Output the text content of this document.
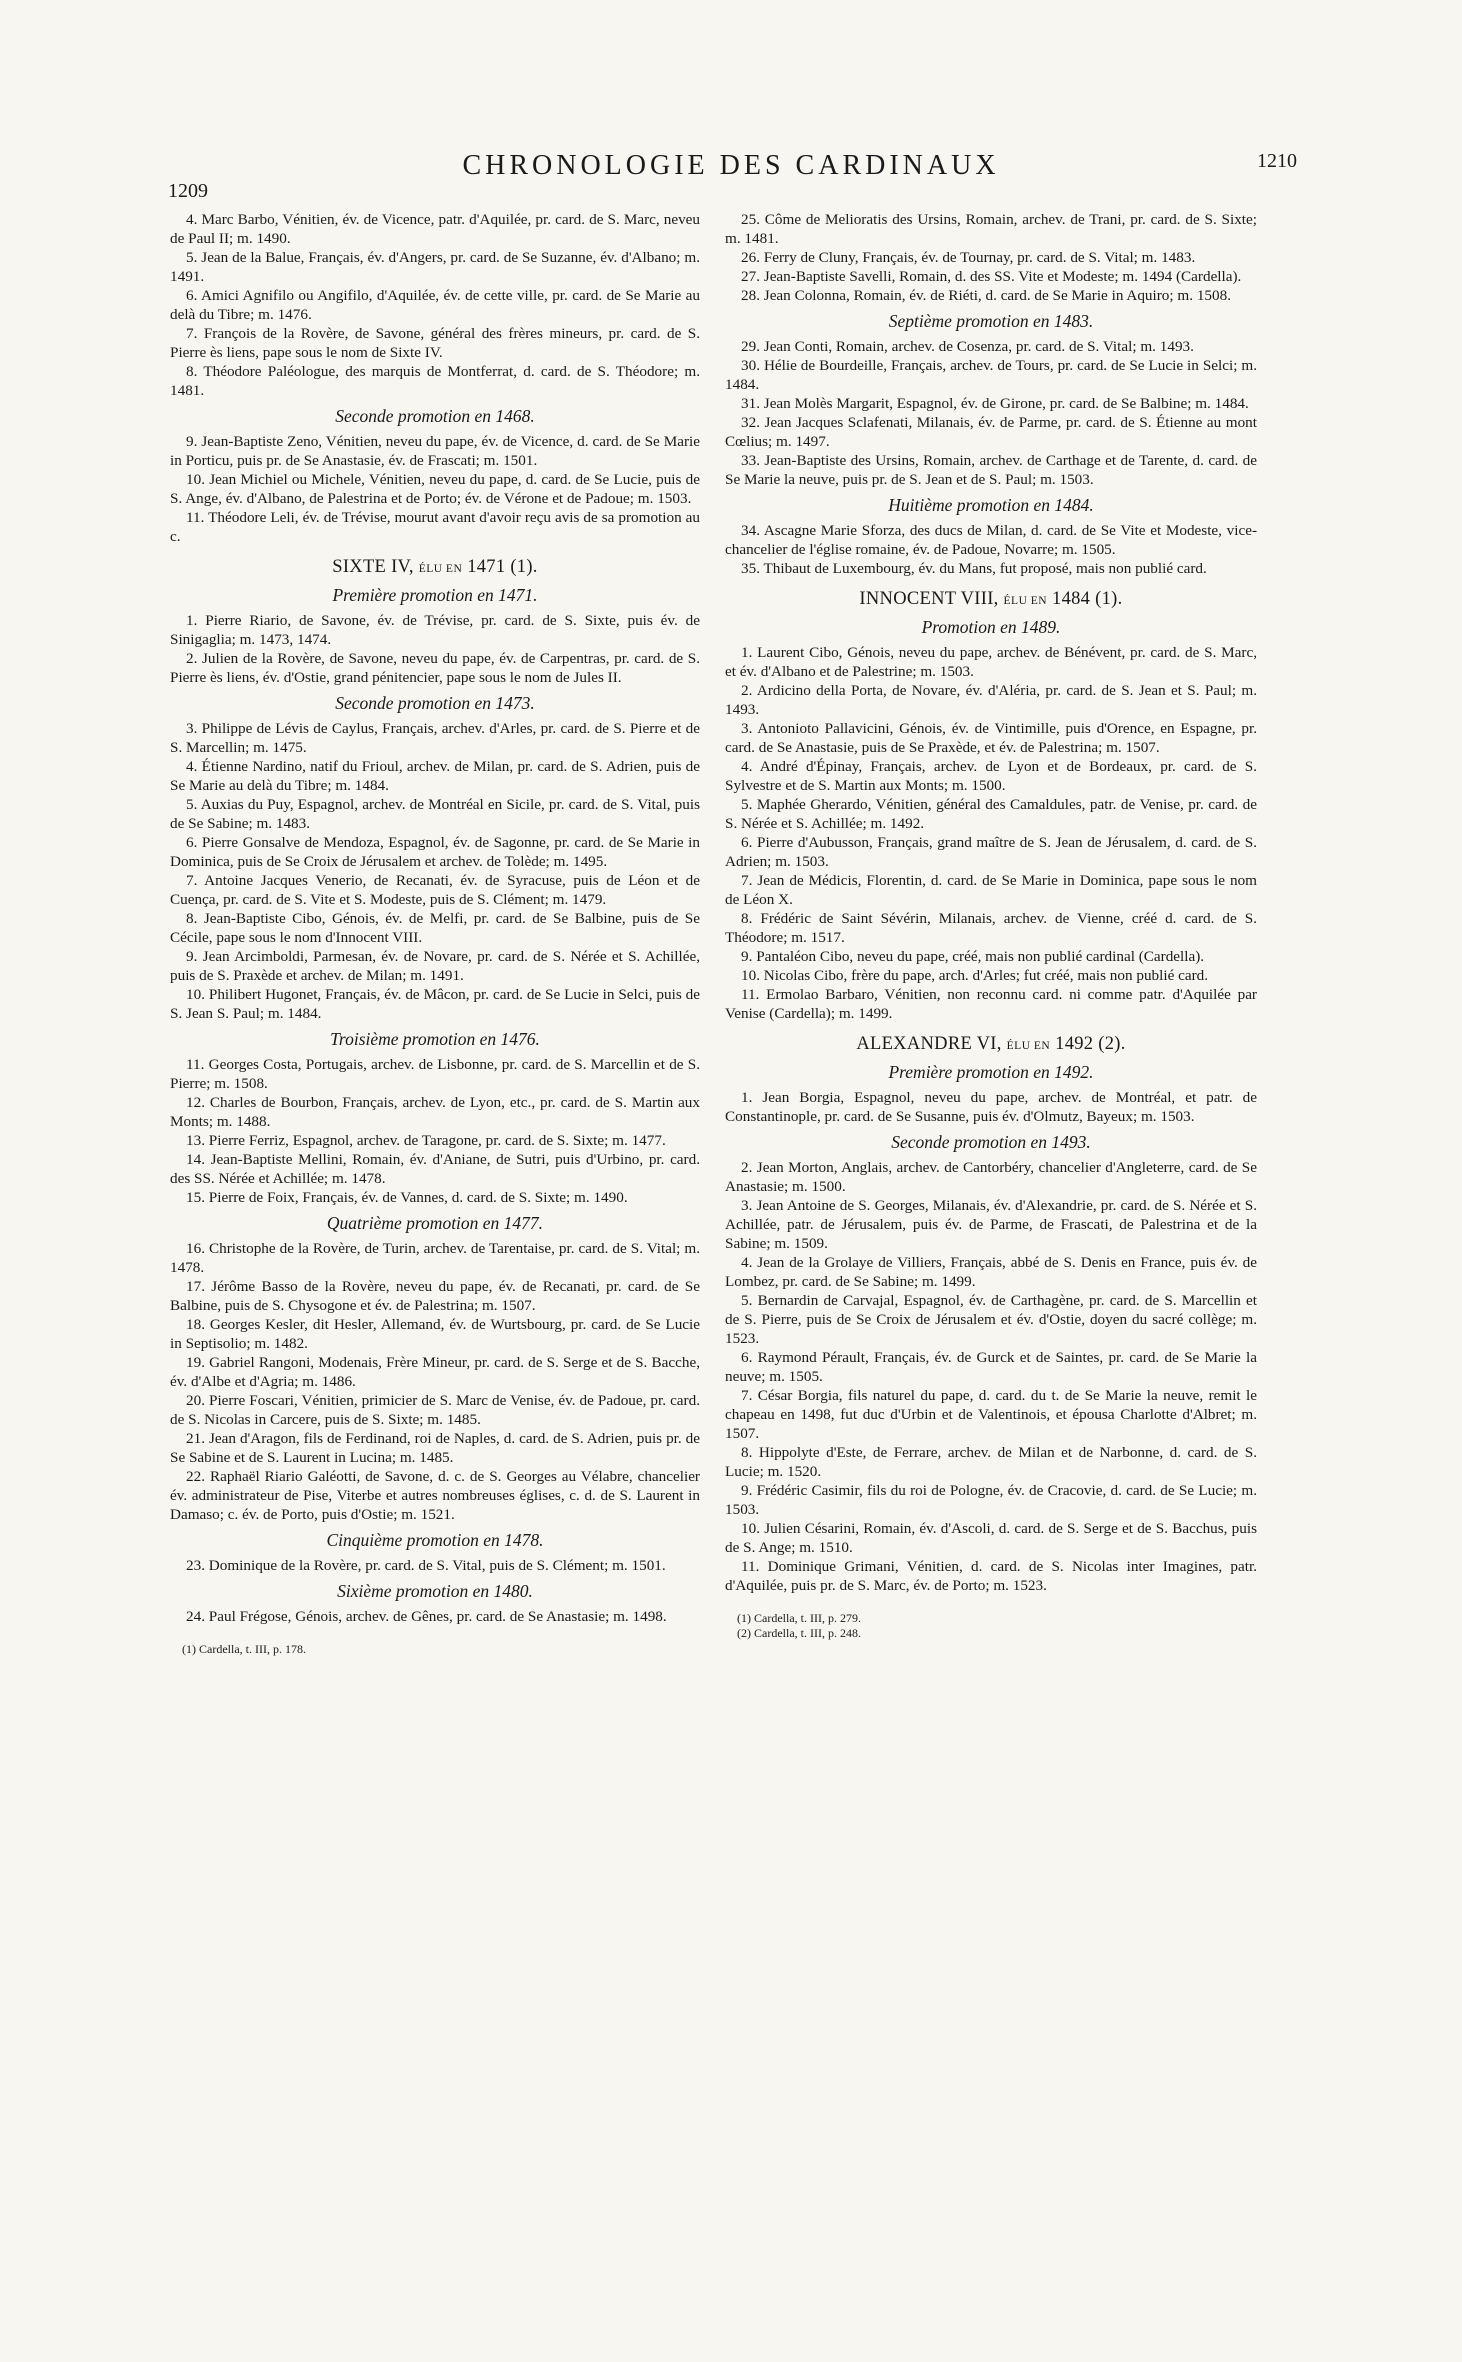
1209
CHRONOLOGIE DES CARDINAUX	1210

4. Marc Barbo, Vénitien, év. de Vicence, patr. d'Aquilée, pr. card. de S. Marc, neveu de Paul II; m. 1490.

5. Jean de la Balue, Français, év. d'Angers, pr. card. de Se Suzanne, év. d'Albano; m. 1491.

6. Amici Agnifilo ou Angifilo, d'Aquilée, év. de cette ville, pr. card. de Se Marie au delà du Tibre; m. 1476.

7. François de la Rovère, de Savone, général des frères mineurs, pr. card. de S. Pierre ès liens, pape sous le nom de Sixte IV.

8. Théodore Paléologue, des marquis de Montferrat, d. card. de S. Théodore; m. 1481.

Seconde promotion en 1468.

9. Jean-Baptiste Zeno, Vénitien, neveu du pape, év. de Vicence, d. card. de Se Marie in Porticu, puis pr. de Se Anastasie, év. de Frascati; m. 1501.

10. Jean Michiel ou Michele, Vénitien, neveu du pape, d. card. de Se Lucie, puis de S. Ange, év. d'Albano, de Palestrina et de Porto; év. de Vérone et de Padoue; m. 1503.

11. Théodore Leli, év. de Trévise, mourut avant d'avoir reçu avis de sa promotion au c.

SIXTE IV, ÉLU EN 1471 (1).
Première promotion en 1471.

1. Pierre Riario, de Savone, év. de Trévise, pr. card. de S. Sixte, puis év. de Sinigaglia; m. 1473, 1474.

2. Julien de la Rovère, de Savone, neveu du pape, év. de Carpentras, pr. card. de S. Pierre ès liens, év. d'Ostie, grand pénitencier, pape sous le nom de Jules II.

Seconde promotion en 1473.

3. Philippe de Lévis de Caylus, Français, archev. d'Arles, pr. card. de S. Pierre et de S. Marcellin; m. 1475.

4. Étienne Nardino, natif du Frioul, archev. de Milan, pr. card. de S. Adrien, puis de Se Marie au delà du Tibre; m. 1484.

5. Auxias du Puy, Espagnol, archev. de Montréal en Sicile, pr. card. de S. Vital, puis de Se Sabine; m. 1483.

6. Pierre Gonsalve de Mendoza, Espagnol, év. de Sagonne, pr. card. de Se Marie in Dominica, puis de Se Croix de Jérusalem et archev. de Tolède; m. 1495.

7. Antoine Jacques Venerio, de Recanati, év. de Syracuse, puis de Léon et de Cuença, pr. card. de S. Vite et S. Modeste, puis de S. Clément; m. 1479.

8. Jean-Baptiste Cibo, Génois, év. de Melfi, pr. card. de Se Balbine, puis de Se Cécile, pape sous le nom d'Innocent VIII.

9. Jean Arcimboldi, Parmesan, év. de Novare, pr. card. de S. Nérée et S. Achillée, puis de S. Praxède et archev. de Milan; m. 1491.

10. Philibert Hugonet, Français, év. de Mâcon, pr. card. de Se Lucie in Selci, puis de S. Jean S. Paul; m. 1484.

Troisième promotion en 1476.

11. Georges Costa, Portugais, archev. de Lisbonne, pr. card. de S. Marcellin et de S. Pierre; m. 1508.

12. Charles de Bourbon, Français, archev. de Lyon, etc., pr. card. de S. Martin aux Monts; m. 1488.

13. Pierre Ferriz, Espagnol, archev. de Taragone, pr. card. de S. Sixte; m. 1477.

14. Jean-Baptiste Mellini, Romain, év. d'Aniane, de Sutri, puis d'Urbino, pr. card. des SS. Nérée et Achillée; m. 1478.

15. Pierre de Foix, Français, év. de Vannes, d. card. de S. Sixte; m. 1490.

Quatrième promotion en 1477.

16. Christophe de la Rovère, de Turin, archev. de Tarentaise, pr. card. de S. Vital; m. 1478.

17. Jérôme Basso de la Rovère, neveu du pape, év. de Recanati, pr. card. de Se Balbine, puis de S. Chysogone et év. de Palestrina; m. 1507.

18. Georges Kesler, dit Hesler, Allemand, év. de Wurtsbourg, pr. card. de Se Lucie in Septisolio; m. 1482.

19. Gabriel Rangoni, Modenais, Frère Mineur, pr. card. de S. Serge et de S. Bacche, év. d'Albe et d'Agria; m. 1486.

20. Pierre Foscari, Vénitien, primicier de S. Marc de Venise, év. de Padoue, pr. card. de S. Nicolas in Carcere, puis de S. Sixte; m. 1485.

21. Jean d'Aragon, fils de Ferdinand, roi de Naples, d. card. de S. Adrien, puis pr. de Se Sabine et de S. Laurent in Lucina; m. 1485.

22. Raphaël Riario Galéotti, de Savone, d. c. de S. Georges au Vélabre, chancelier év. administrateur de Pise, Viterbe et autres nombreuses églises, c. d. de S. Laurent in Damaso; c. év. de Porto, puis d'Ostie; m. 1521.

Cinquième promotion en 1478.

23. Dominique de la Rovère, pr. card. de S. Vital, puis de S. Clément; m. 1501.

Sixième promotion en 1480.

24. Paul Frégose, Génois, archev. de Gênes, pr. card. de Se Anastasie; m. 1498.

(1) Cardella, t. III, p. 178.

25. Côme de Melioratis des Ursins, Romain, archev. de Trani, pr. card. de S. Sixte; m. 1481.

26. Ferry de Cluny, Français, év. de Tournay, pr. card. de S. Vital; m. 1483.

27. Jean-Baptiste Savelli, Romain, d. des SS. Vite et Modeste; m. 1494 (Cardella).

28. Jean Colonna, Romain, év. de Riéti, d. card. de Se Marie in Aquiro; m. 1508.

Septième promotion en 1483.

29. Jean Conti, Romain, archev. de Cosenza, pr. card. de S. Vital; m. 1493.

30. Hélie de Bourdeille, Français, archev. de Tours, pr. card. de Se Lucie in Selci; m. 1484.

31. Jean Molès Margarit, Espagnol, év. de Girone, pr. card. de Se Balbine; m. 1484.

32. Jean Jacques Sclafenati, Milanais, év. de Parme, pr. card. de S. Étienne au mont Cœlius; m. 1497.

33. Jean-Baptiste des Ursins, Romain, archev. de Carthage et de Tarente, d. card. de Se Marie la neuve, puis pr. de S. Jean et de S. Paul; m. 1503.

Huitième promotion en 1484.

34. Ascagne Marie Sforza, des ducs de Milan, d. card. de Se Vite et Modeste, vice-chancelier de l'église romaine, év. de Padoue, Novarre; m. 1505.

35. Thibaut de Luxembourg, év. du Mans, fut proposé, mais non publié card.

INNOCENT VIII, ÉLU EN 1484 (1).
Promotion en 1489.

1. Laurent Cibo, Génois, neveu du pape, archev. de Bénévent, pr. card. de S. Marc, et év. d'Albano et de Palestrine; m. 1503.

2. Ardicino della Porta, de Novare, év. d'Aléria, pr. card. de S. Jean et S. Paul; m. 1493.

3. Antonioto Pallavicini, Génois, év. de Vintimille, puis d'Orence, en Espagne, pr. card. de Se Anastasie, puis de Se Praxède, et év. de Palestrina; m. 1507.

4. André d'Épinay, Français, archev. de Lyon et de Bordeaux, pr. card. de S. Sylvestre et de S. Martin aux Monts; m. 1500.

5. Maphée Gherardo, Vénitien, général des Camaldules, patr. de Venise, pr. card. de S. Nérée et S. Achillée; m. 1492.

6. Pierre d'Aubusson, Français, grand maître de S. Jean de Jérusalem, d. card. de S. Adrien; m. 1503.

7. Jean de Médicis, Florentin, d. card. de Se Marie in Dominica, pape sous le nom de Léon X.

8. Frédéric de Saint Sévérin, Milanais, archev. de Vienne, créé d. card. de S. Théodore; m. 1517.

9. Pantaléon Cibo, neveu du pape, créé, mais non publié cardinal (Cardella).

10. Nicolas Cibo, frère du pape, arch. d'Arles; fut créé, mais non publié card.

11. Ermolao Barbaro, Vénitien, non reconnu card. ni comme patr. d'Aquilée par Venise (Cardella); m. 1499.

ALEXANDRE VI, ÉLU EN 1492 (2).
Première promotion en 1492.

1. Jean Borgia, Espagnol, neveu du pape, archev. de Montréal, et patr. de Constantinople, pr. card. de Se Susanne, puis év. d'Olmutz, Bayeux; m. 1503.

Seconde promotion en 1493.

2. Jean Morton, Anglais, archev. de Cantorbéry, chancelier d'Angleterre, card. de Se Anastasie; m. 1500.

3. Jean Antoine de S. Georges, Milanais, év. d'Alexandrie, pr. card. de S. Nérée et S. Achillée, patr. de Jérusalem, puis év. de Parme, de Frascati, de Palestrina et de la Sabine; m. 1509.

4. Jean de la Grolaye de Villiers, Français, abbé de S. Denis en France, puis év. de Lombez, pr. card. de Se Sabine; m. 1499.

5. Bernardin de Carvajal, Espagnol, év. de Carthagène, pr. card. de S. Marcellin et de S. Pierre, puis de Se Croix de Jérusalem et év. d'Ostie, doyen du sacré collège; m. 1523.

6. Raymond Pérault, Français, év. de Gurck et de Saintes, pr. card. de Se Marie la neuve; m. 1505.

7. César Borgia, fils naturel du pape, d. card. du t. de Se Marie la neuve, remit le chapeau en 1498, fut duc d'Urbin et de Valentinois, et épousa Charlotte d'Albret; m. 1507.

8. Hippolyte d'Este, de Ferrare, archev. de Milan et de Narbonne, d. card. de S. Lucie; m. 1520.

9. Frédéric Casimir, fils du roi de Pologne, év. de Cracovie, d. card. de Se Lucie; m. 1503.

10. Julien Césarini, Romain, év. d'Ascoli, d. card. de S. Serge et de S. Bacchus, puis de S. Ange; m. 1510.

11. Dominique Grimani, Vénitien, d. card. de S. Nicolas inter Imagines, patr. d'Aquilée, puis pr. de S. Marc, év. de Porto; m. 1523.

(1) Cardella, t. III, p. 279.

(2) Cardella, t. III, p. 248.
